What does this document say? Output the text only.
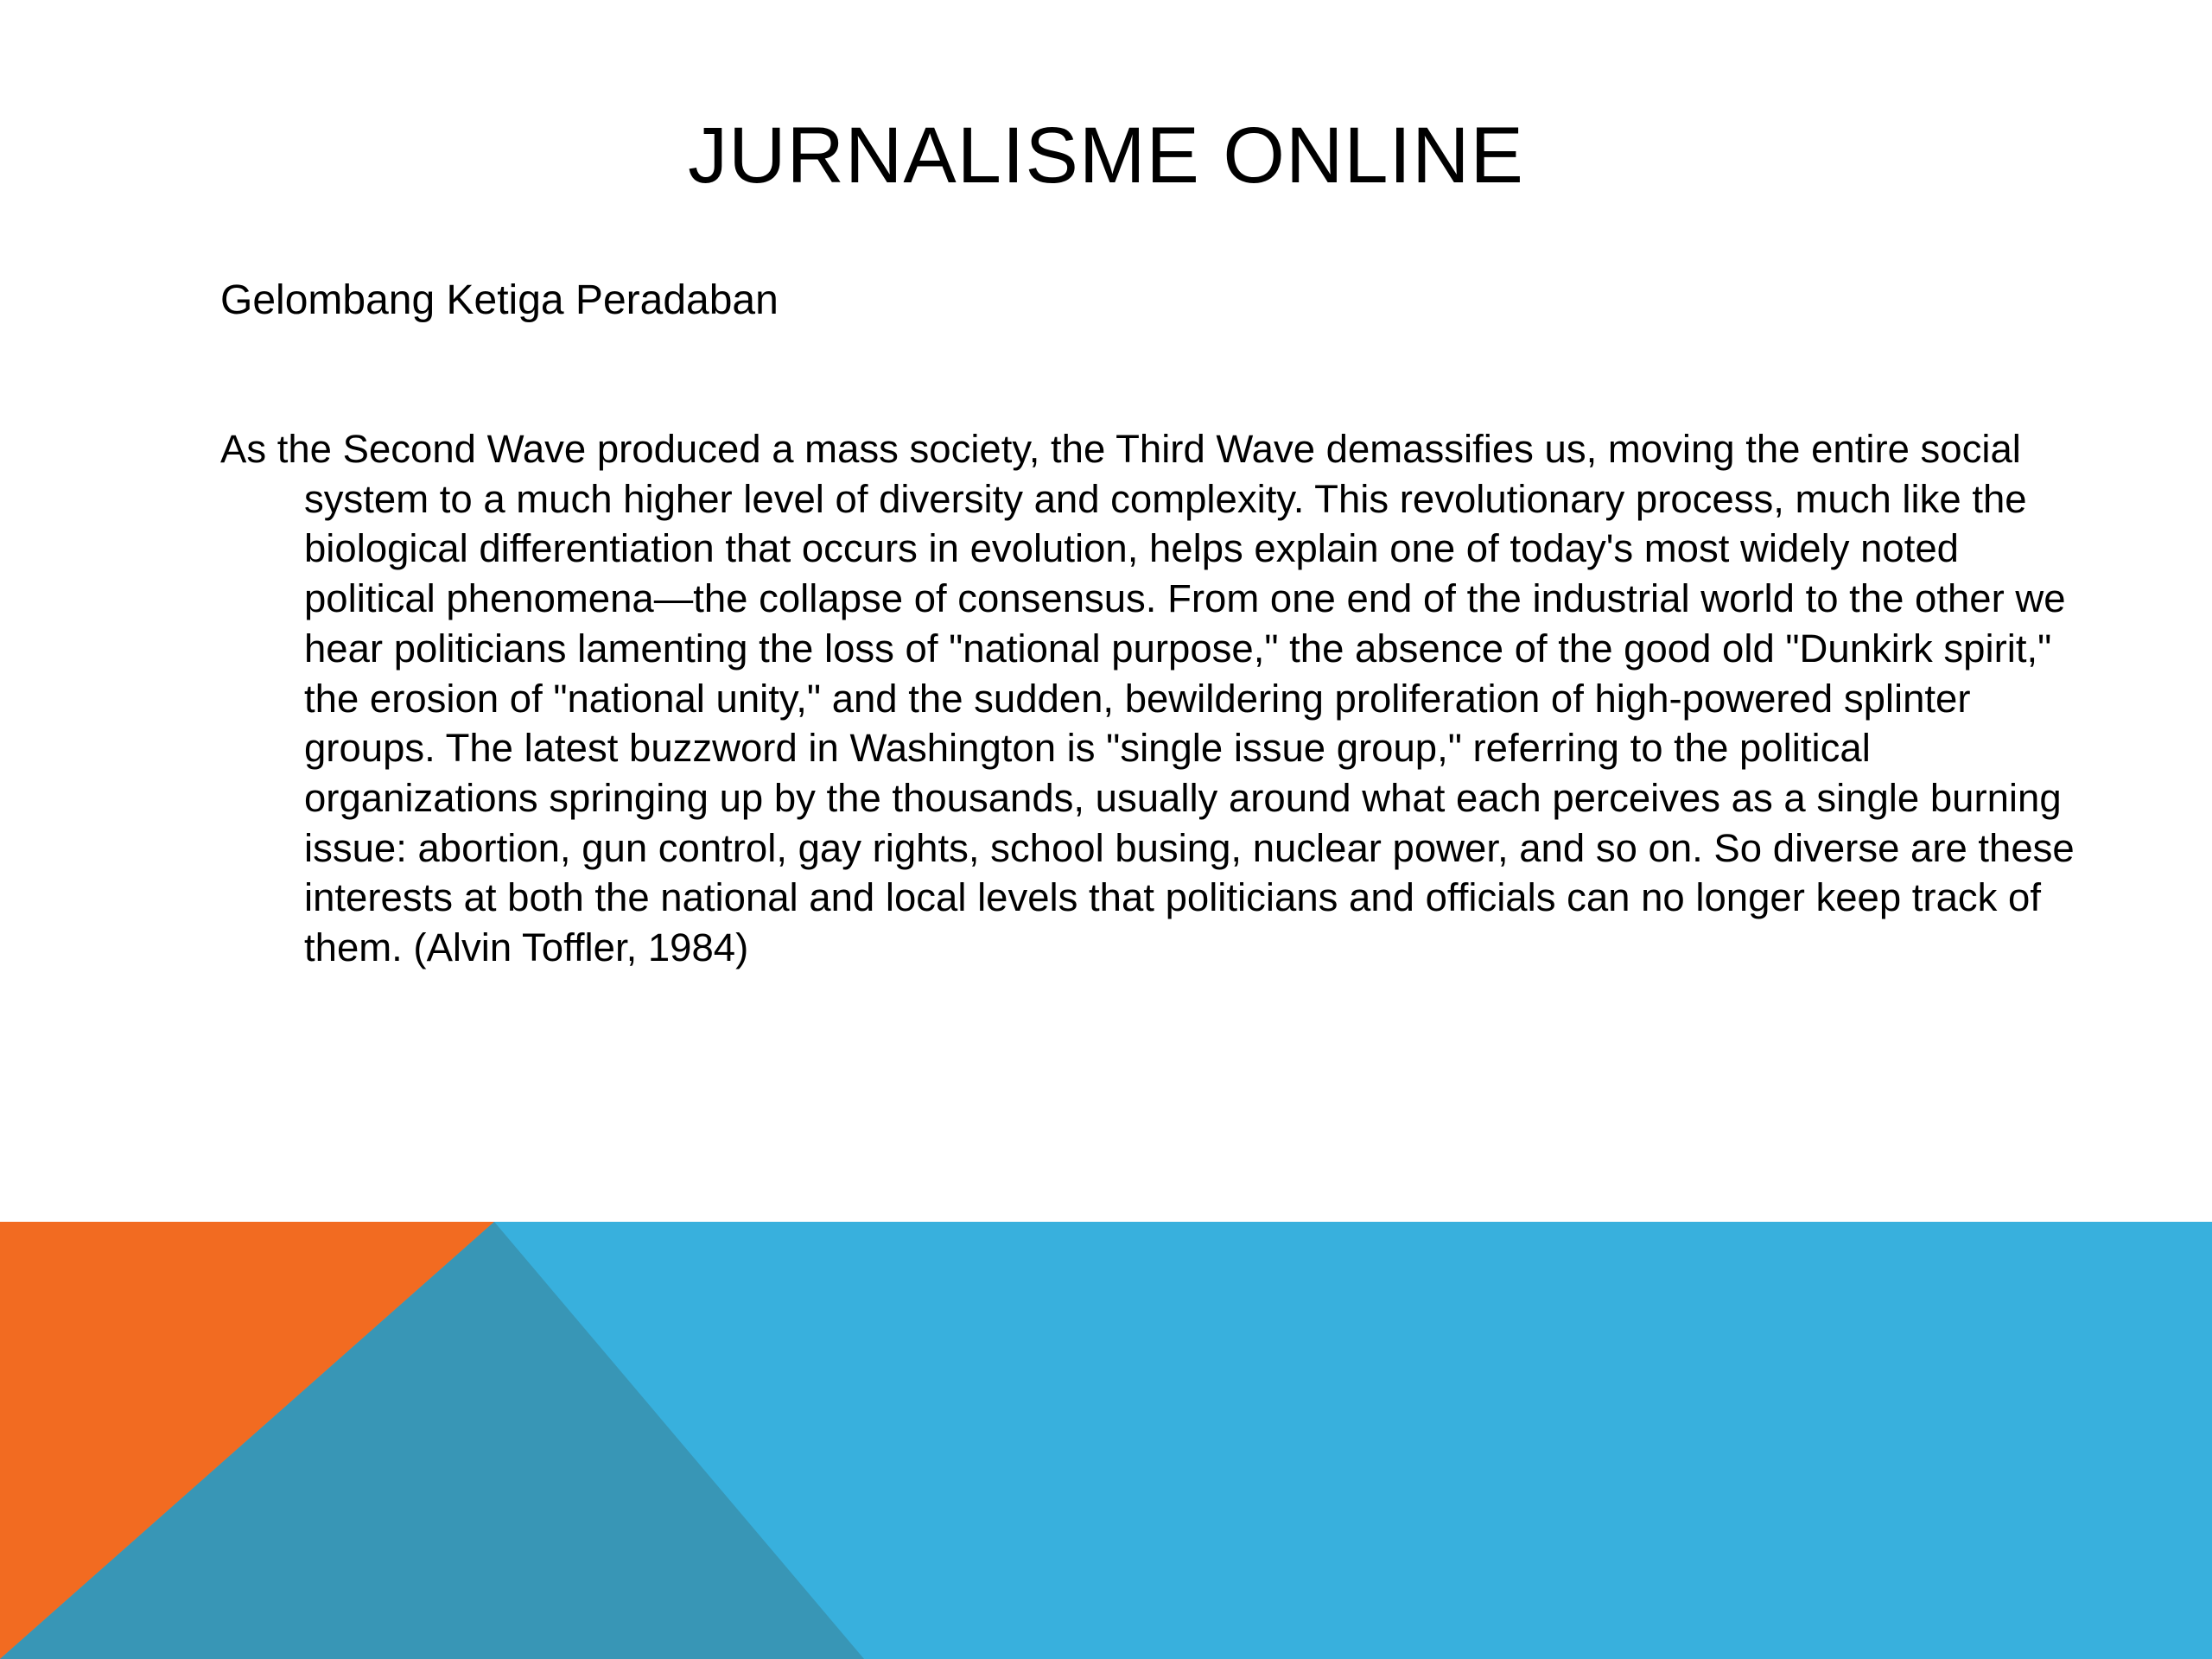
JURNALISME ONLINE

Gelombang Ketiga Peradaban

As the Second Wave produced a mass society, the Third Wave demassifies us, moving the entire social system to a much higher level of diversity and complexity. This revolutionary process, much like the biological differentiation that occurs in evolution, helps explain one of today's most widely noted political phenomena—the collapse of consensus. From one end of the industrial world to the other we hear politicians lamenting the loss of "national purpose," the absence of the good old "Dunkirk spirit," the erosion of "national unity," and the sudden, bewildering proliferation of high-powered splinter groups. The latest buzzword in Washington is "single issue group," referring to the political organizations springing up by the thousands, usually around what each perceives as a single burning issue: abortion, gun control, gay rights, school busing, nuclear power, and so on. So diverse are these interests at both the national and local levels that politicians and officials can no longer keep track of them. (Alvin Toffler, 1984)
